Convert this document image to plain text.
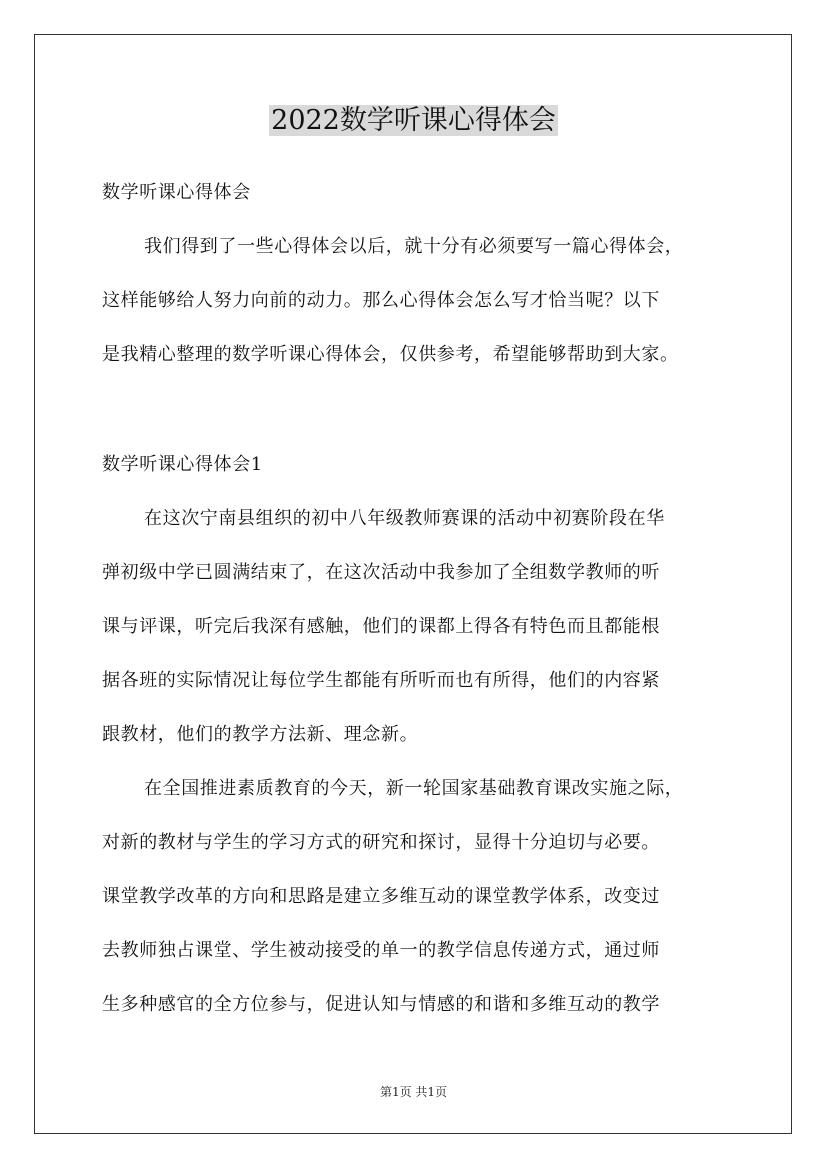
2022数学听课心得体会
数学听课心得体会
我们得到了一些心得体会以后，就十分有必须要写一篇心得体会，
这样能够给人努力向前的动力。那么心得体会怎么写才恰当呢？以下
是我精心整理的数学听课心得体会，仅供参考，希望能够帮助到大家。
数学听课心得体会1
在这次宁南县组织的初中八年级教师赛课的活动中初赛阶段在华
弹初级中学已圆满结束了，在这次活动中我参加了全组数学教师的听
课与评课，听完后我深有感触，他们的课都上得各有特色而且都能根
据各班的实际情况让每位学生都能有所听而也有所得，他们的内容紧
跟教材，他们的教学方法新、理念新。
在全国推进素质教育的今天，新一轮国家基础教育课改实施之际，
对新的教材与学生的学习方式的研究和探讨，显得十分迫切与必要。
课堂教学改革的方向和思路是建立多维互动的课堂教学体系，改变过
去教师独占课堂、学生被动接受的单一的教学信息传递方式，通过师
生多种感官的全方位参与，促进认知与情感的和谐和多维互动的教学
第1页 共1页
